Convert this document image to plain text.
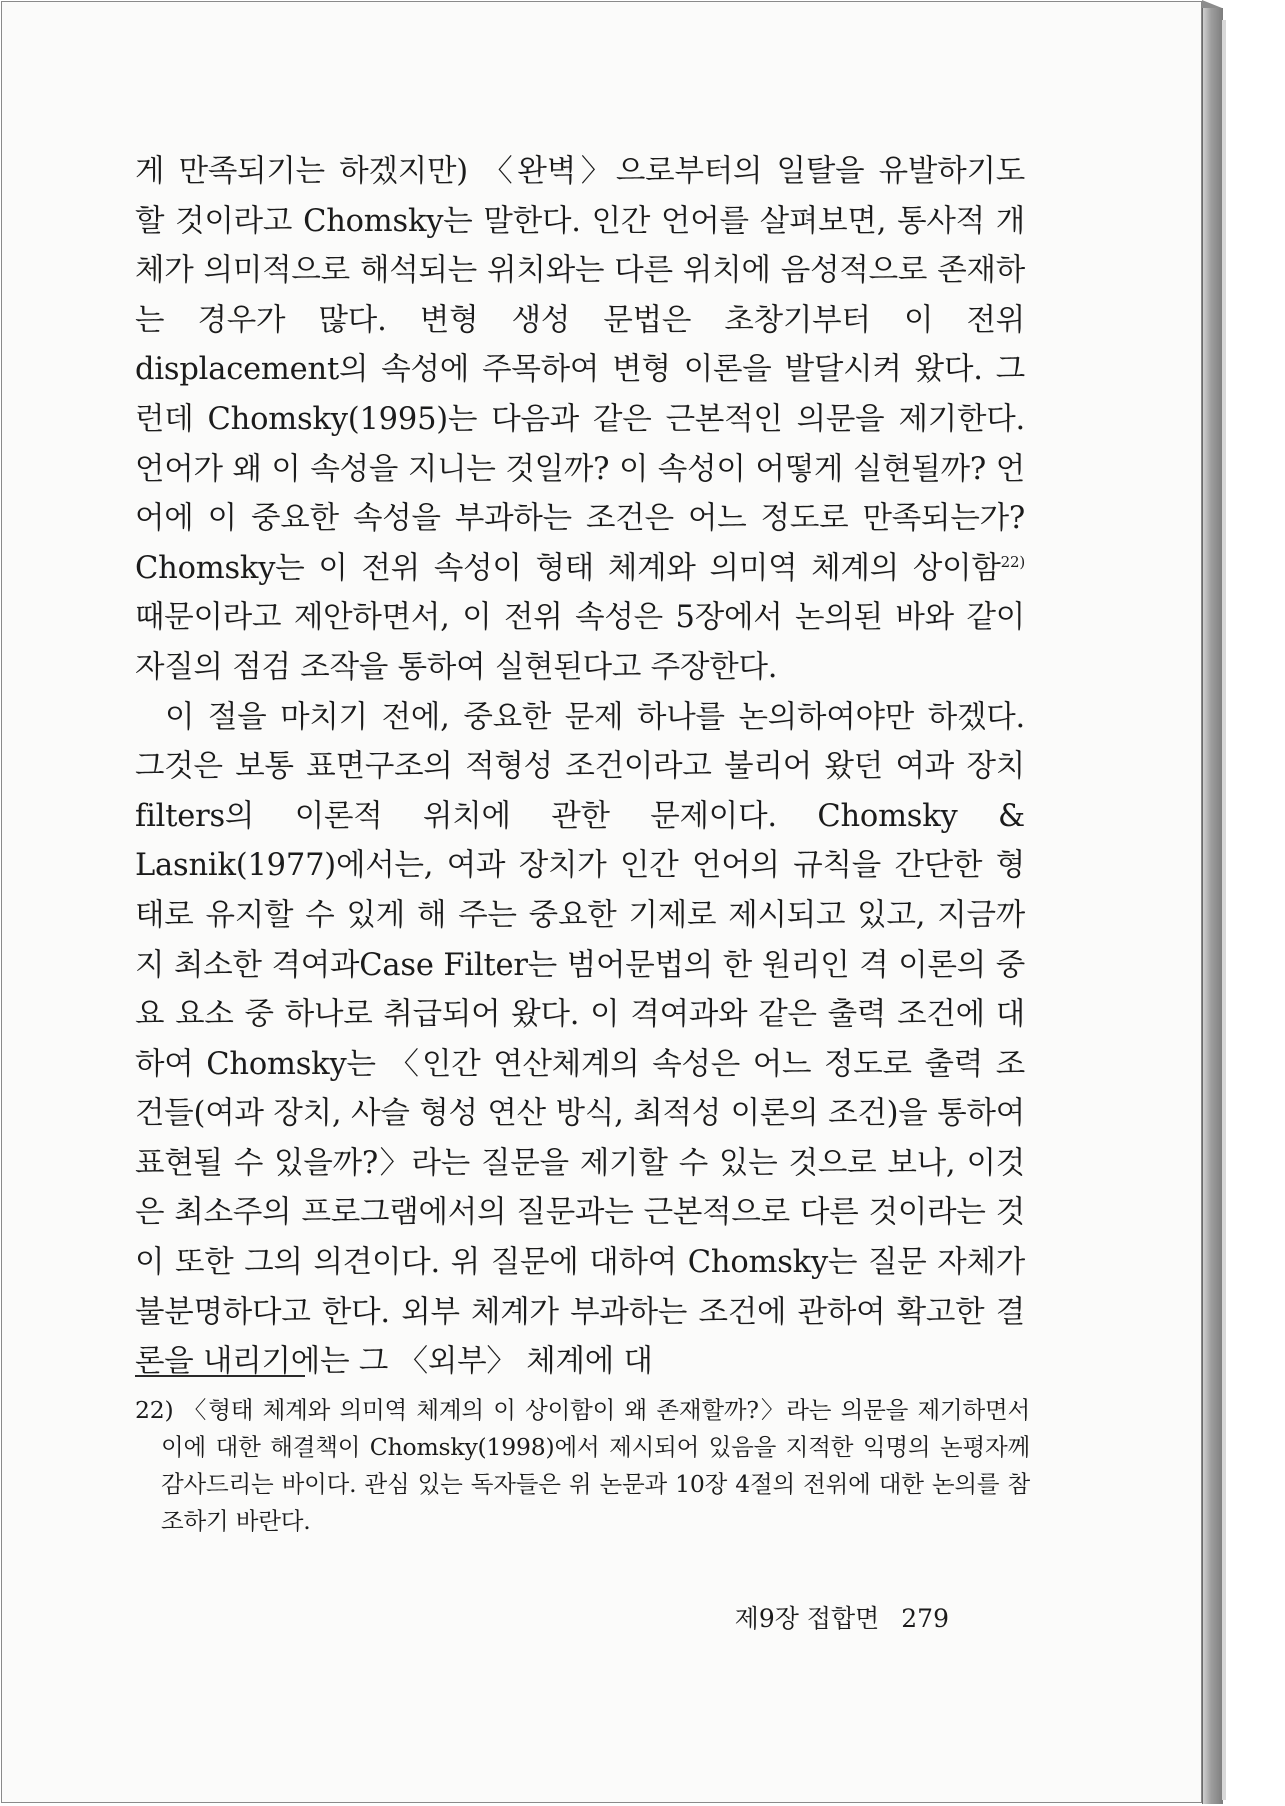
게 만족되기는 하겠지만) 〈완벽〉으로부터의 일탈을 유발하기도 할 것이라고 Chomsky는 말한다. 인간 언어를 살펴보면, 통사적 개체가 의미적으로 해석되는 위치와는 다른 위치에 음성적으로 존재하는 경우가 많다. 변형 생성 문법은 초창기부터 이 전위displacement의 속성에 주목하여 변형 이론을 발달시켜 왔다. 그런데 Chomsky(1995)는 다음과 같은 근본적인 의문을 제기한다. 언어가 왜 이 속성을 지니는 것일까? 이 속성이 어떻게 실현될까? 언어에 이 중요한 속성을 부과하는 조건은 어느 정도로 만족되는가? Chomsky는 이 전위 속성이 형태 체계와 의미역 체계의 상이함$^{22)}$ 때문이라고 제안하면서, 이 전위 속성은 5장에서 논의된 바와 같이 자질의 점검 조작을 통하여 실현된다고 주장한다.

이 절을 마치기 전에, 중요한 문제 하나를 논의하여야만 하겠다. 그것은 보통 표면구조의 적형성 조건이라고 불리어 왔던 여과 장치filters의 이론적 위치에 관한 문제이다. Chomsky & Lasnik(1977)에서는, 여과 장치가 인간 언어의 규칙을 간단한 형태로 유지할 수 있게 해 주는 중요한 기제로 제시되고 있고, 지금까지 최소한 격여과Case Filter는 범어문법의 한 원리인 격 이론의 중요 요소 중 하나로 취급되어 왔다. 이 격여과와 같은 출력 조건에 대하여 Chomsky는 〈인간 연산체계의 속성은 어느 정도로 출력 조건들(여과 장치, 사슬 형성 연산 방식, 최적성 이론의 조건)을 통하여 표현될 수 있을까?〉라는 질문을 제기할 수 있는 것으로 보나, 이것은 최소주의 프로그램에서의 질문과는 근본적으로 다른 것이라는 것이 또한 그의 의견이다. 위 질문에 대하여 Chomsky는 질문 자체가 불분명하다고 한다. 외부 체계가 부과하는 조건에 관하여 확고한 결론을 내리기에는 그 〈외부〉 체계에 대

22) 〈형태 체계와 의미역 체계의 이 상이함이 왜 존재할까?〉라는 의문을 제기하면서 이에 대한 해결책이 Chomsky(1998)에서 제시되어 있음을 지적한 익명의 논평자께 감사드리는 바이다. 관심 있는 독자들은 위 논문과 10장 4절의 전위에 대한 논의를 참조하기 바란다.
제9장 접합면 279
